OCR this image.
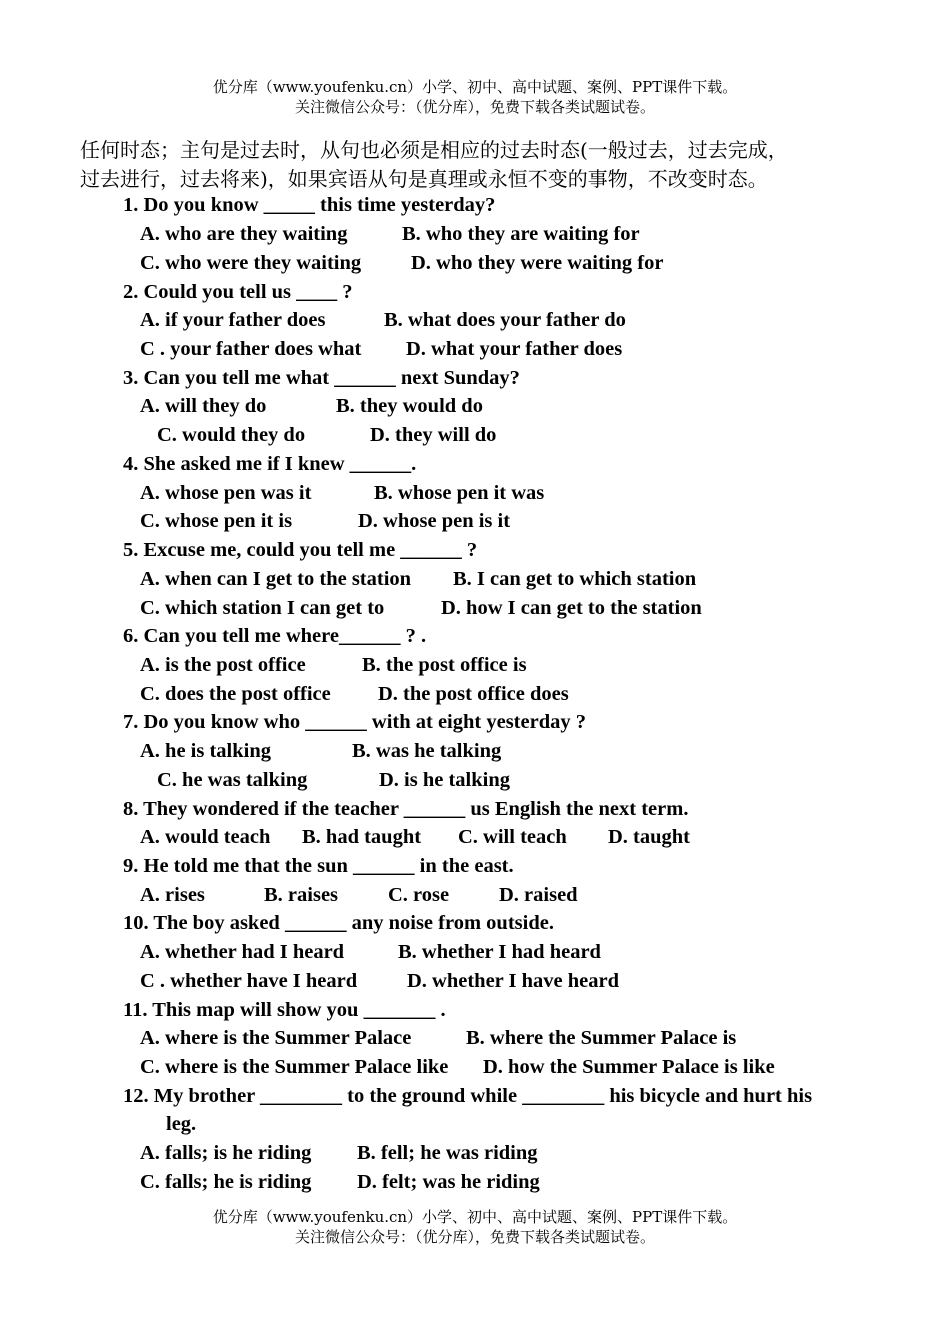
优分库（www.youfenku.cn）小学、初中、高中试题、案例、PPT课件下载。
关注微信公众号：（优分库），免费下载各类试题试卷。
任何时态；主句是过去时，从句也必须是相应的过去时态(一般过去，过去完成，
过去进行，过去将来)，如果宾语从句是真理或永恒不变的事物，不改变时态。
1. Do you know _____ this time yesterday?
A. who are they waiting	B. who they are waiting for
C. who were they waiting D. who they were waiting for
2. Could you tell us ____ ?
A. if your father does	B. what does your father do
C . your father does what D. what your father does
3. Can you tell me what ______ next Sunday?
A. will they do	B. they would do
C. would they do	D. they will do
4. She asked me if I knew ______.
A. whose pen was it	B. whose pen it was
C. whose pen it is	D. whose pen is it
5. Excuse me, could you tell me ______ ?
A. when can I get to the station B. I can get to which station
C. which station I can get to	D. how I can get to the station
6. Can you tell me where______ ? .
A. is the post office	B. the post office is
C. does the post office D. the post office does
7. Do you know who ______ with at eight yesterday ?
A. he is talking	B. was he talking
C. he was talking	D. is he talking
8. They wondered if the teacher ______ us English the next term.
A. would teach B. had taught C. will teach D. taught
9. He told me that the sun ______ in the east.
A. rises	B. raises C. rose D. raised
10. The boy asked ______ any noise from outside.
A. whether had I heard	B. whether I had heard
C . whether have I heard D. whether I have heard
11. This map will show you _______ .
A. where is the Summer Palace	B. where the Summer Palace is
C. where is the Summer Palace like D. how the Summer Palace is like
12. My brother ________ to the ground while ________ his bicycle and hurt his
leg.
A. falls; is he riding B. fell; he was riding
C. falls; he is riding D. felt; was he riding
优分库（www.youfenku.cn）小学、初中、高中试题、案例、PPT课件下载。
关注微信公众号：（优分库），免费下载各类试题试卷。
